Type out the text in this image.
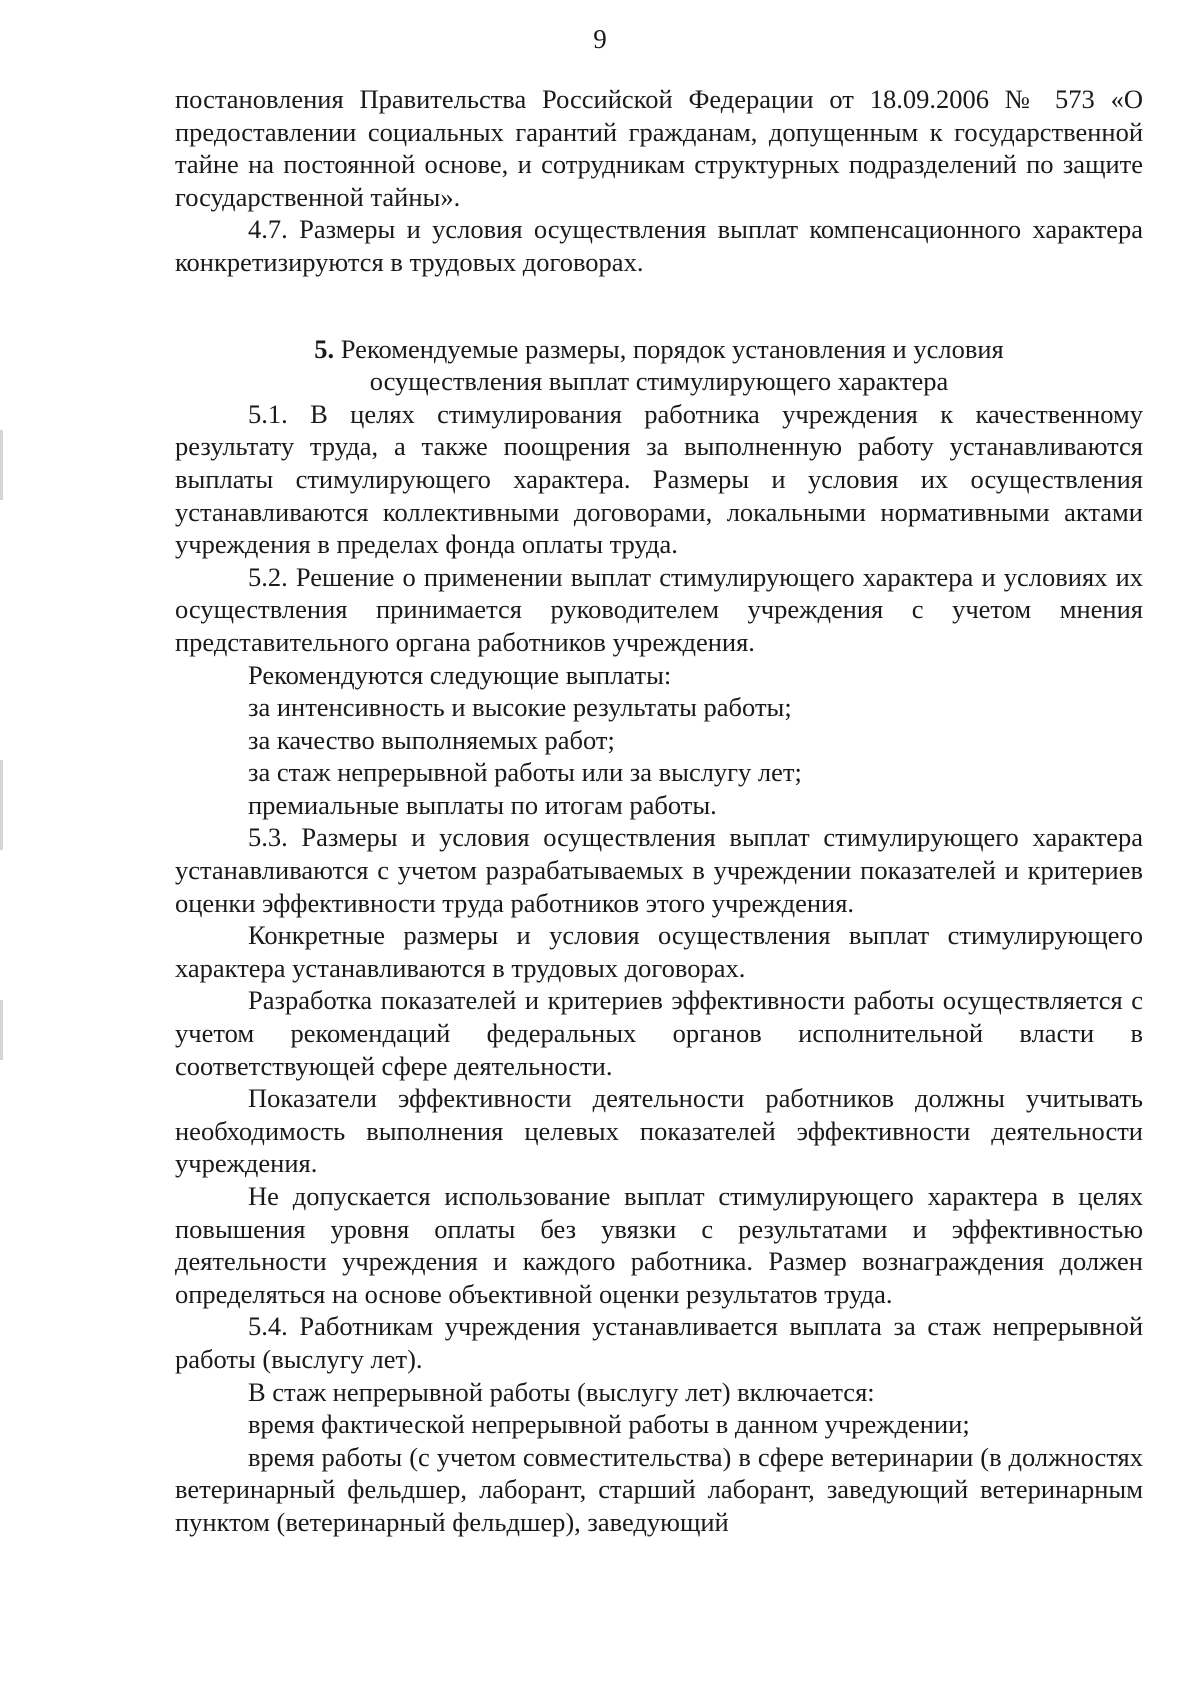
9

постановления Правительства Российской Федерации от 18.09.2006 № 573 «О предоставлении социальных гарантий гражданам, допущенным к государственной тайне на постоянной основе, и сотрудникам структурных подразделений по защите государственной тайны».

4.7. Размеры и условия осуществления выплат компенсационного характера конкретизируются в трудовых договорах.

5. Рекомендуемые размеры, порядок установления и условия
осуществления выплат стимулирующего характера

5.1. В целях стимулирования работника учреждения к качественному результату труда, а также поощрения за выполненную работу устанавливаются выплаты стимулирующего характера. Размеры и условия их осуществления устанавливаются коллективными договорами, локальными нормативными актами учреждения в пределах фонда оплаты труда.

5.2. Решение о применении выплат стимулирующего характера и условиях их осуществления принимается руководителем учреждения с учетом мнения представительного органа работников учреждения.

Рекомендуются следующие выплаты:

за интенсивность и высокие результаты работы;

за качество выполняемых работ;

за стаж непрерывной работы или за выслугу лет;

премиальные выплаты по итогам работы.

5.3. Размеры и условия осуществления выплат стимулирующего характера устанавливаются с учетом разрабатываемых в учреждении показателей и критериев оценки эффективности труда работников этого учреждения.

Конкретные размеры и условия осуществления выплат стимулирующего характера устанавливаются в трудовых договорах.

Разработка показателей и критериев эффективности работы осуществляется с учетом рекомендаций федеральных органов исполнительной власти в соответствующей сфере деятельности.

Показатели эффективности деятельности работников должны учитывать необходимость выполнения целевых показателей эффективности деятельности учреждения.

Не допускается использование выплат стимулирующего характера в целях повышения уровня оплаты без увязки с результатами и эффективностью деятельности учреждения и каждого работника. Размер вознаграждения должен определяться на основе объективной оценки результатов труда.

5.4. Работникам учреждения устанавливается выплата за стаж непрерывной работы (выслугу лет).

В стаж непрерывной работы (выслугу лет) включается:

время фактической непрерывной работы в данном учреждении;

время работы (с учетом совместительства) в сфере ветеринарии (в должностях ветеринарный фельдшер, лаборант, старший лаборант, заведующий ветеринарным пунктом (ветеринарный фельдшер), заведующий
